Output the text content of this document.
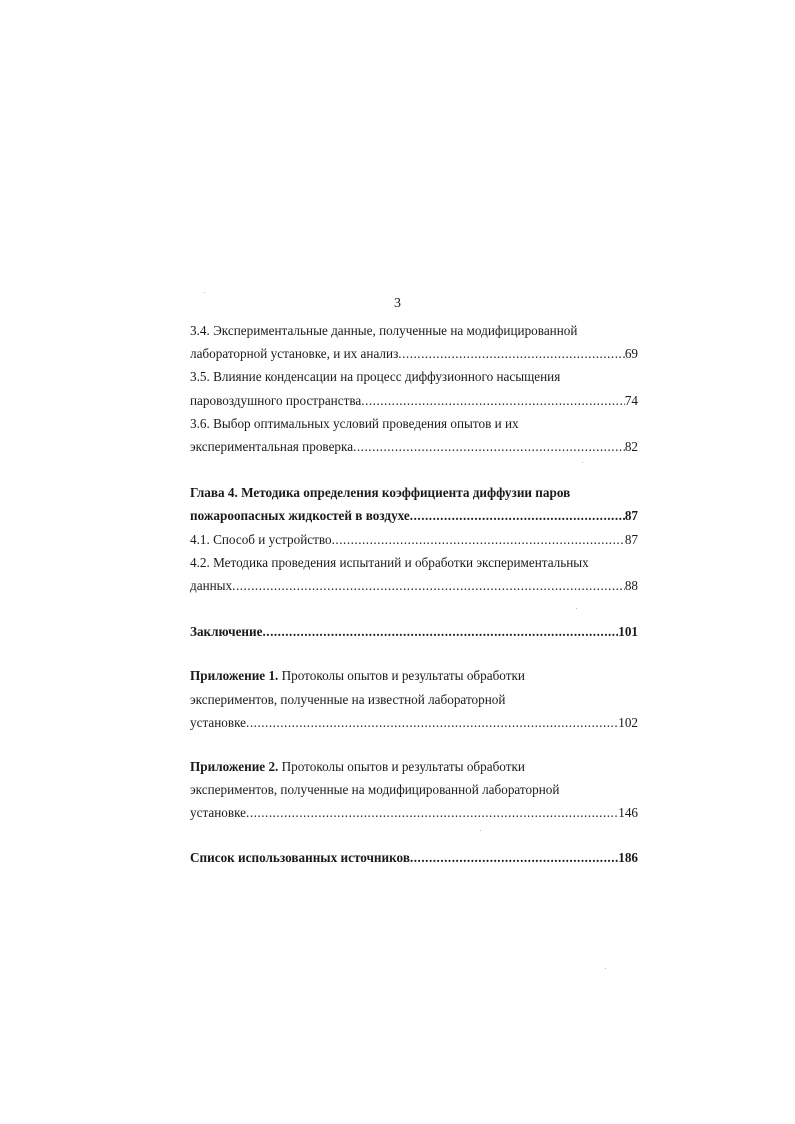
3
3.4. Экспериментальные данные, полученные на модифицированной
лабораторной установке, и их анализ .....	69
3.5. Влияние конденсации на процесс диффузионного насыщения
паровоздушного пространства .....	74
3.6. Выбор оптимальных условий проведения опытов и их
экспериментальная проверка .....	82
Глава 4. Методика определения коэффициента диффузии паров
пожароопасных жидкостей в воздухе .....	87
4.1. Способ и устройство .....	87
4.2. Методика проведения испытаний и обработки экспериментальных
данных .....	88
Заключение .....	101
Приложение 1. Протоколы опытов и результаты обработки
экспериментов, полученные на известной лабораторной
установке .....	102
Приложение 2. Протоколы опытов и результаты обработки
экспериментов, полученные на модифицированной лабораторной
установке .....	146
Список использованных источников .....	186
